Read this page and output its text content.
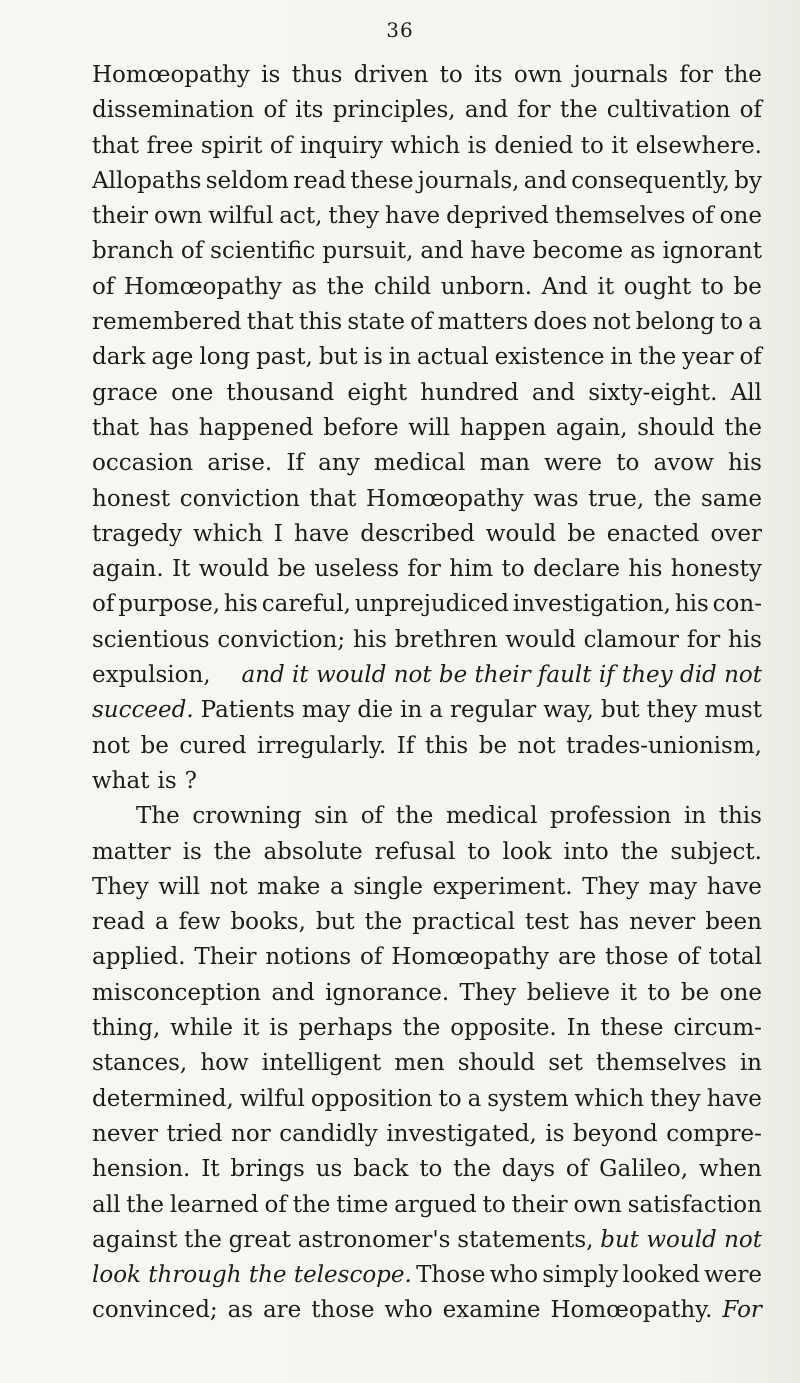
36
Homœopathy is thus driven to its own journals for the
dissemination of its principles, and for the cultivation of
that free spirit of inquiry which is denied to it elsewhere.
Allopaths seldom read these journals, and consequently, by
their own wilful act, they have deprived themselves of one
branch of scientific pursuit, and have become as ignorant
of Homœopathy as the child unborn. And it ought to be
remembered that this state of matters does not belong to a
dark age long past, but is in actual existence in the year of
grace one thousand eight hundred and sixty-eight. All
that has happened before will happen again, should the
occasion arise. If any medical man were to avow his
honest conviction that Homœopathy was true, the same
tragedy which I have described would be enacted over
again. It would be useless for him to declare his honesty
of purpose, his careful, unprejudiced investigation, his con-
scientious conviction; his brethren would clamour for his
expulsion, and it would not be their fault if they did not
succeed. Patients may die in a regular way, but they must
not be cured irregularly. If this be not trades-unionism,
what is ?
The crowning sin of the medical profession in this
matter is the absolute refusal to look into the subject.
They will not make a single experiment. They may have
read a few books, but the practical test has never been
applied. Their notions of Homœopathy are those of total
misconception and ignorance. They believe it to be one
thing, while it is perhaps the opposite. In these circum-
stances, how intelligent men should set themselves in
determined, wilful opposition to a system which they have
never tried nor candidly investigated, is beyond compre-
hension. It brings us back to the days of Galileo, when
all the learned of the time argued to their own satisfaction
against the great astronomer's statements, but would not
look through the telescope. Those who simply looked were
convinced; as are those who examine Homœopathy. For
